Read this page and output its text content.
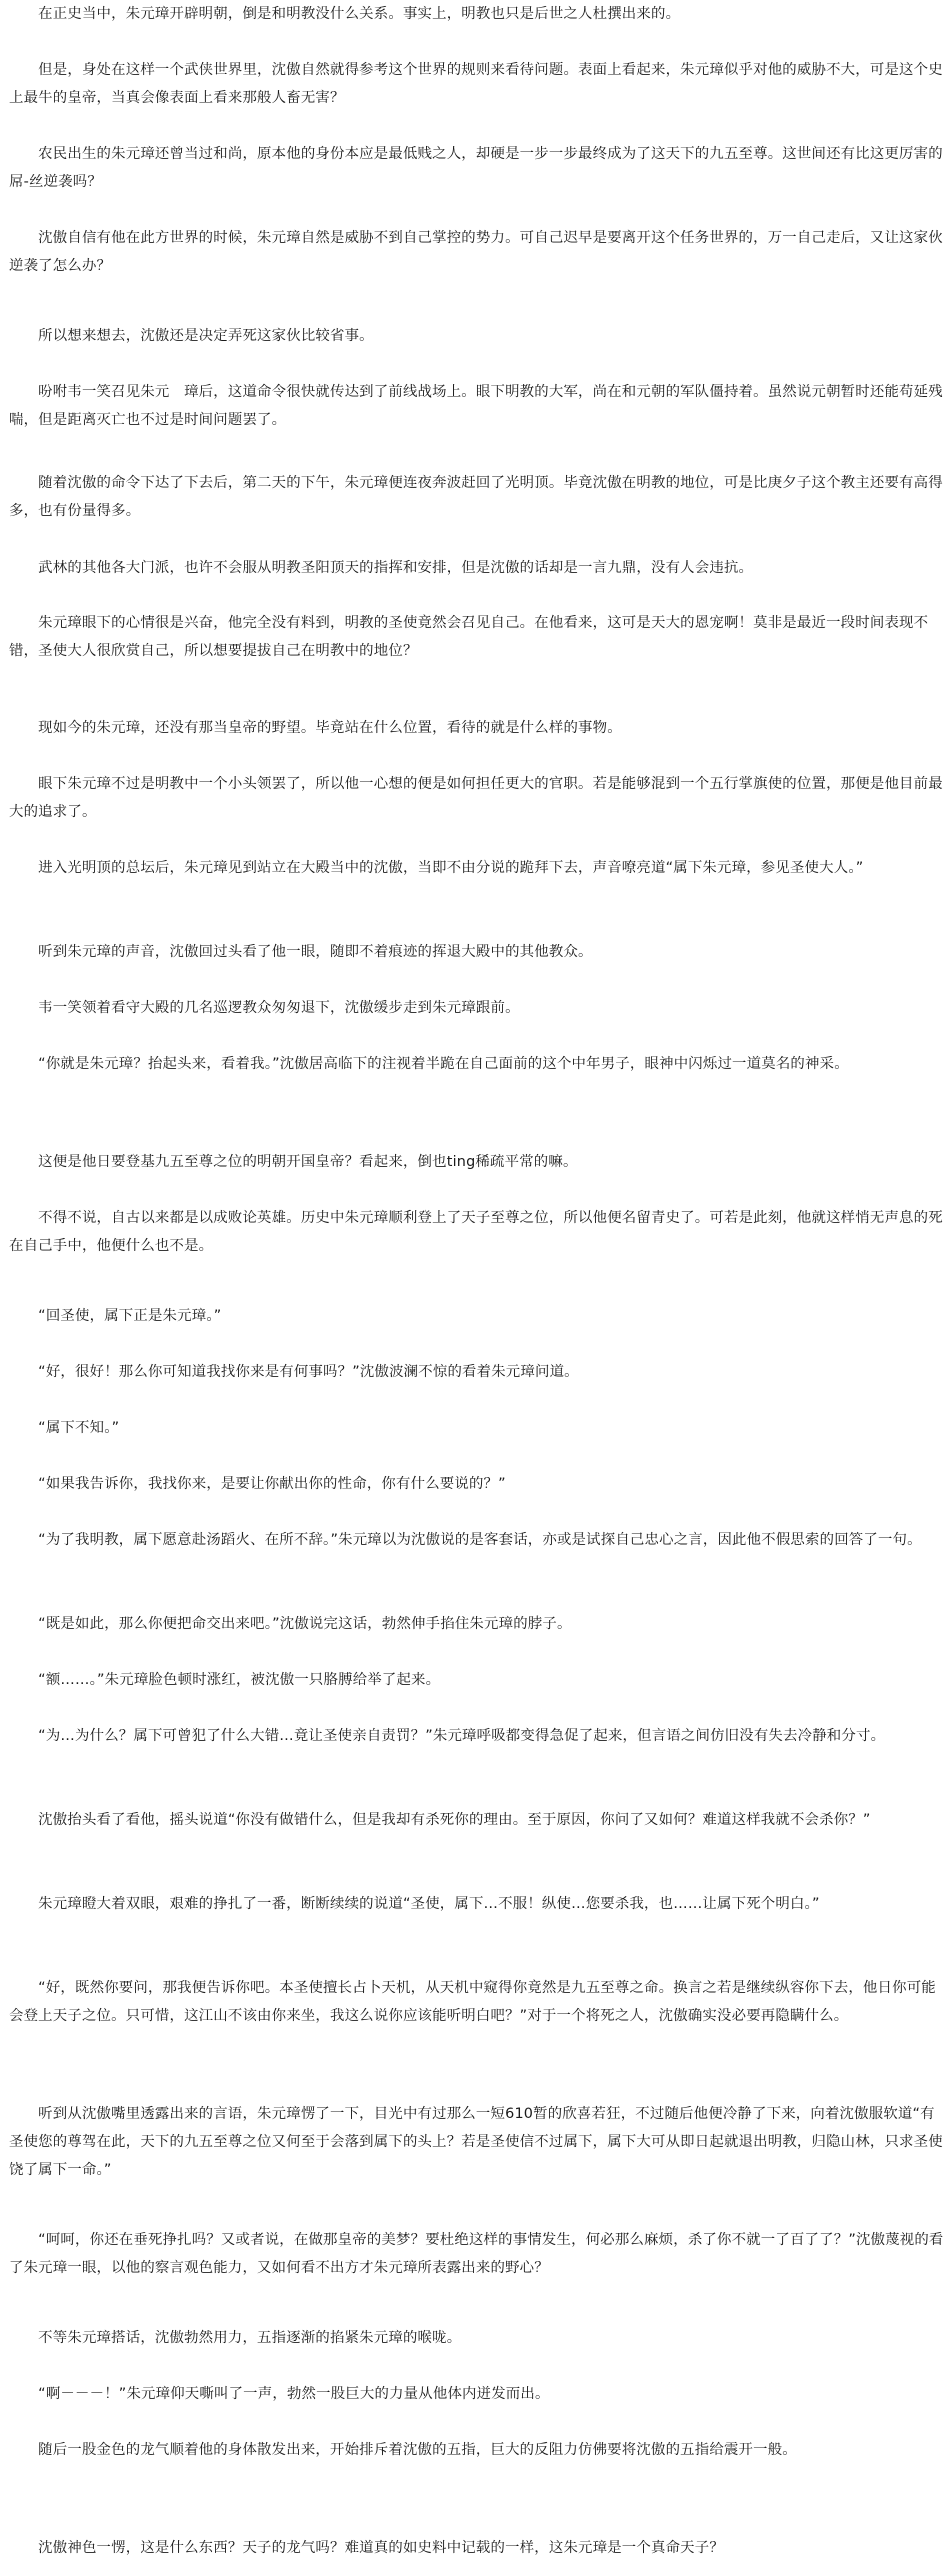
　　在正史当中，朱元璋开辟明朝，倒是和明教没什么关系。事实上，明教也只是后世之人杜撰出来的。

　　但是，身处在这样一个武侠世界里，沈傲自然就得参考这个世界的规则来看待问题。表面上看起来，朱元璋似乎对他的威胁不大，可是这个史上最牛的皇帝，当真会像表面上看来那般人畜无害？

　　农民出生的朱元璋还曾当过和尚，原本他的身份本应是最低贱之人，却硬是一步一步最终成为了这天下的九五至尊。这世间还有比这更厉害的屌-丝逆袭吗？

　　沈傲自信有他在此方世界的时候，朱元璋自然是威胁不到自己掌控的势力。可自己迟早是要离开这个任务世界的，万一自己走后，又让这家伙逆袭了怎么办？

　　所以想来想去，沈傲还是决定弄死这家伙比较省事。

　　吩咐韦一笑召见朱元　璋后，这道命令很快就传达到了前线战场上。眼下明教的大军，尚在和元朝的军队僵持着。虽然说元朝暂时还能苟延残喘，但是距离灭亡也不过是时间问题罢了。

　　随着沈傲的命令下达了下去后，第二天的下午，朱元璋便连夜奔波赶回了光明顶。毕竟沈傲在明教的地位，可是比庚夕子这个教主还要有高得多，也有份量得多。

　　武林的其他各大门派，也许不会服从明教圣阳顶天的指挥和安排，但是沈傲的话却是一言九鼎，没有人会违抗。

　　朱元璋眼下的心情很是兴奋，他完全没有料到，明教的圣使竟然会召见自己。在他看来，这可是天大的恩宠啊！莫非是最近一段时间表现不错，圣使大人很欣赏自己，所以想要提拔自己在明教中的地位？

　　现如今的朱元璋，还没有那当皇帝的野望。毕竟站在什么位置，看待的就是什么样的事物。

　　眼下朱元璋不过是明教中一个小头领罢了，所以他一心想的便是如何担任更大的官职。若是能够混到一个五行掌旗使的位置，那便是他目前最大的追求了。

　　进入光明顶的总坛后，朱元璋见到站立在大殿当中的沈傲，当即不由分说的跪拜下去，声音嘹亮道“属下朱元璋，参见圣使大人。”

　　听到朱元璋的声音，沈傲回过头看了他一眼，随即不着痕迹的挥退大殿中的其他教众。

　　韦一笑领着看守大殿的几名巡逻教众匆匆退下，沈傲缓步走到朱元璋跟前。

　　“你就是朱元璋？抬起头来，看着我。”沈傲居高临下的注视着半跪在自己面前的这个中年男子，眼神中闪烁过一道莫名的神采。

　　这便是他日要登基九五至尊之位的明朝开国皇帝？看起来，倒也ting稀疏平常的嘛。

　　不得不说，自古以来都是以成败论英雄。历史中朱元璋顺利登上了天子至尊之位，所以他便名留青史了。可若是此刻，他就这样悄无声息的死在自己手中，他便什么也不是。

　　“回圣使，属下正是朱元璋。”

　　“好，很好！那么你可知道我找你来是有何事吗？”沈傲波澜不惊的看着朱元璋问道。

　　“属下不知。”

　　“如果我告诉你，我找你来，是要让你献出你的性命，你有什么要说的？”

　　“为了我明教，属下愿意赴汤蹈火、在所不辞。”朱元璋以为沈傲说的是客套话，亦或是试探自己忠心之言，因此他不假思索的回答了一句。

　　“既是如此，那么你便把命交出来吧。”沈傲说完这话，勃然伸手掐住朱元璋的脖子。

　　“额……。”朱元璋脸色顿时涨红，被沈傲一只胳膊给举了起来。

　　“为…为什么？属下可曾犯了什么大错…竟让圣使亲自责罚？”朱元璋呼吸都变得急促了起来，但言语之间仿旧没有失去冷静和分寸。

　　沈傲抬头看了看他，摇头说道“你没有做错什么，但是我却有杀死你的理由。至于原因，你问了又如何？难道这样我就不会杀你？”

　　朱元璋瞪大着双眼，艰难的挣扎了一番，断断续续的说道“圣使，属下…不服！纵使…您要杀我，也……让属下死个明白。”

　　“好，既然你要问，那我便告诉你吧。本圣使擅长占卜天机，从天机中窥得你竟然是九五至尊之命。换言之若是继续纵容你下去，他日你可能会登上天子之位。只可惜，这江山不该由你来坐，我这么说你应该能听明白吧？”对于一个将死之人，沈傲确实没必要再隐瞒什么。

　　听到从沈傲嘴里透露出来的言语，朱元璋愣了一下，目光中有过那么一短610暂的欣喜若狂，不过随后他便冷静了下来，向着沈傲服软道“有圣使您的尊驾在此，天下的九五至尊之位又何至于会落到属下的头上？若是圣使信不过属下，属下大可从即日起就退出明教，归隐山林，只求圣使饶了属下一命。”

　　“呵呵，你还在垂死挣扎吗？又或者说，在做那皇帝的美梦？要杜绝这样的事情发生，何必那么麻烦，杀了你不就一了百了了？”沈傲蔑视的看了朱元璋一眼，以他的察言观色能力，又如何看不出方才朱元璋所表露出来的野心？

　　不等朱元璋搭话，沈傲勃然用力，五指逐渐的掐紧朱元璋的喉咙。

　　“啊－－－！”朱元璋仰天嘶叫了一声，勃然一股巨大的力量从他体内迸发而出。

　　随后一股金色的龙气顺着他的身体散发出来，开始排斥着沈傲的五指，巨大的反阻力仿佛要将沈傲的五指给震开一般。

　　沈傲神色一愣，这是什么东西？天子的龙气吗？难道真的如史料中记载的一样，这朱元璋是一个真命天子？
